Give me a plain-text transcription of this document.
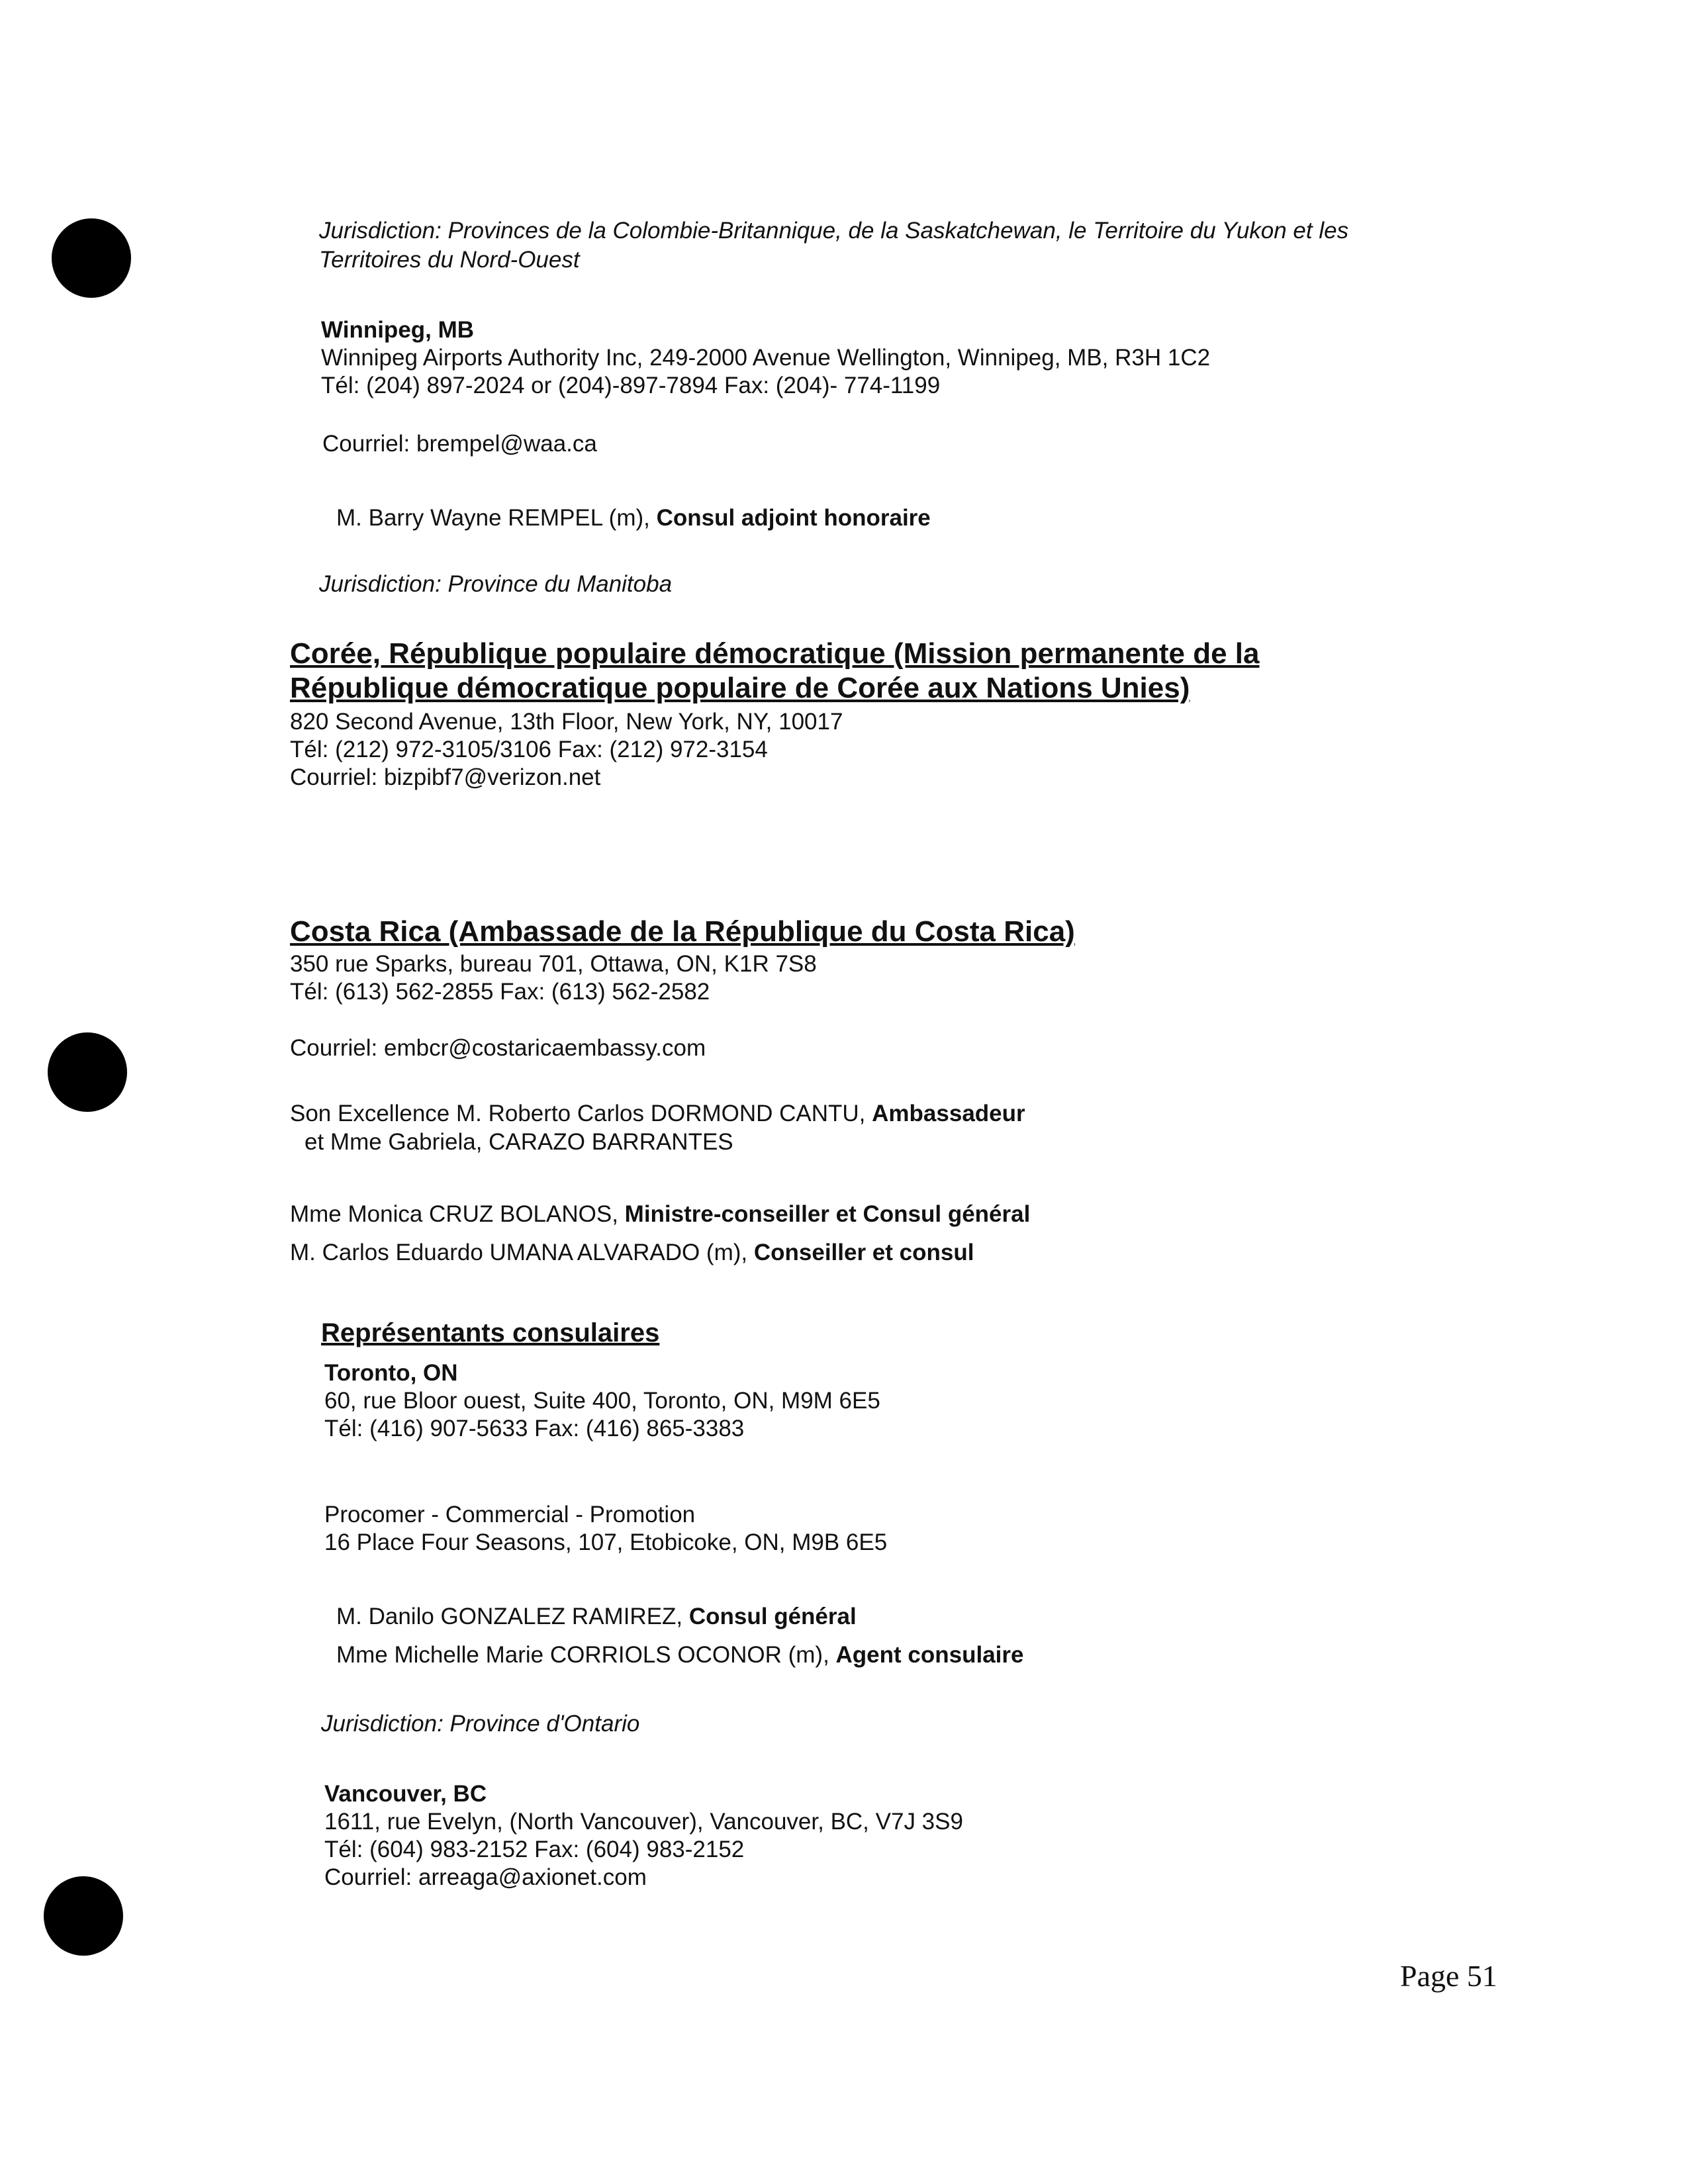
Jurisdiction: Provinces de la Colombie-Britannique, de la Saskatchewan, le Territoire du Yukon et les
Territoires du Nord-Ouest
Winnipeg, MB
Winnipeg Airports Authority Inc, 249-2000 Avenue Wellington, Winnipeg, MB, R3H 1C2
Tél: (204) 897-2024 or (204)-897-7894 Fax: (204)- 774-1199
Courriel: brempel@waa.ca
M. Barry Wayne REMPEL (m), Consul adjoint honoraire
Jurisdiction: Province du Manitoba
Corée, République populaire démocratique (Mission permanente de la
République démocratique populaire de Corée aux Nations Unies)
820 Second Avenue, 13th Floor, New York, NY, 10017
Tél: (212) 972-3105/3106 Fax: (212) 972-3154
Courriel: bizpibf7@verizon.net
Costa Rica (Ambassade de la République du Costa Rica)
350 rue Sparks, bureau 701, Ottawa, ON, K1R 7S8
Tél: (613) 562-2855 Fax: (613) 562-2582
Courriel: embcr@costaricaembassy.com
Son Excellence M. Roberto Carlos DORMOND CANTU, Ambassadeur
et Mme Gabriela, CARAZO BARRANTES
Mme Monica CRUZ BOLANOS, Ministre-conseiller et Consul général
M. Carlos Eduardo UMANA ALVARADO (m), Conseiller et consul
Représentants consulaires
Toronto, ON
60, rue Bloor ouest, Suite 400, Toronto, ON, M9M 6E5
Tél: (416) 907-5633 Fax: (416) 865-3383
Procomer - Commercial - Promotion
16 Place Four Seasons, 107, Etobicoke, ON, M9B 6E5
M. Danilo GONZALEZ RAMIREZ, Consul général
Mme Michelle Marie CORRIOLS OCONOR (m), Agent consulaire
Jurisdiction: Province d'Ontario
Vancouver, BC
1611, rue Evelyn, (North Vancouver), Vancouver, BC, V7J 3S9
Tél: (604) 983-2152 Fax: (604) 983-2152
Courriel: arreaga@axionet.com
Page 51
